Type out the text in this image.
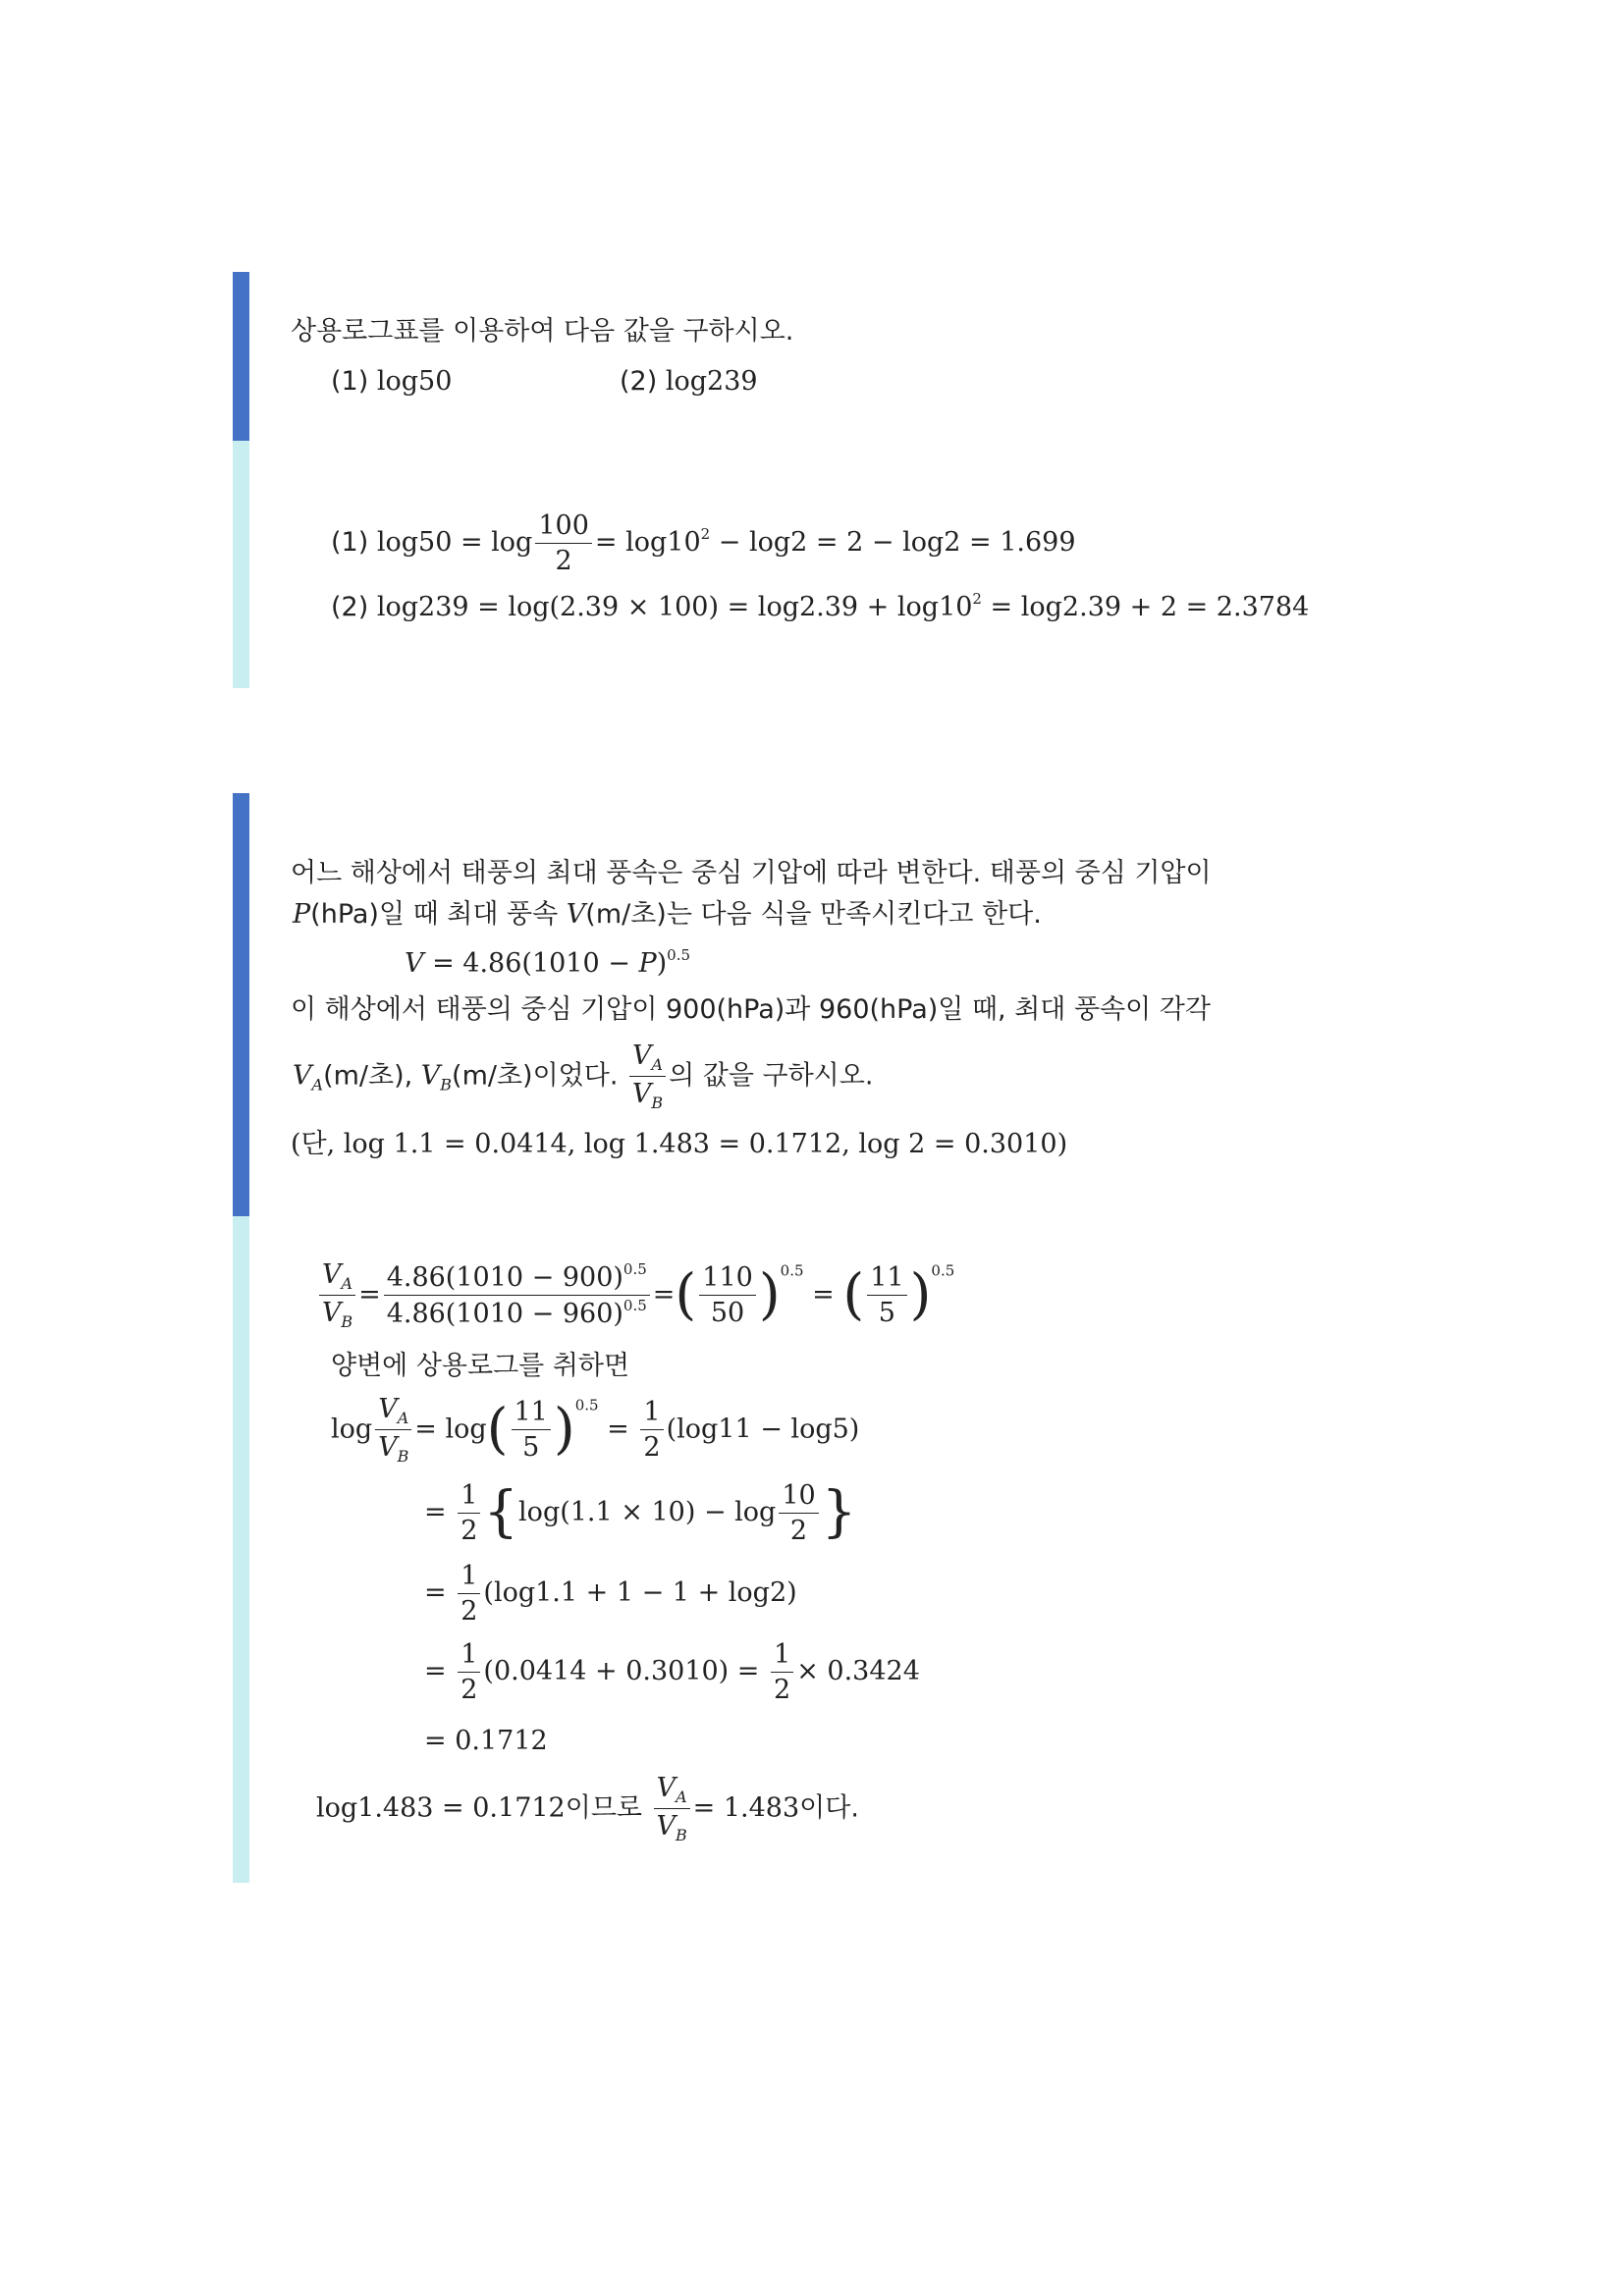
상용로그표를 이용하여 다음 값을 구하시오.
(1) log50	(2) log239
(1) $\log 50 = \log \frac{100}{2} = \log 10^2 - \log 2 = 2 - \log 2 = 1.699$
(2) $\log 239 = \log(2.39 \times 100) = \log 2.39 + \log 10^2 = \log 2.39 + 2 = 2.3784$
어느 해상에서 태풍의 최대 풍속은 중심 기압에 따라 변한다. 태풍의 중심 기압이
P(hPa)일 때 최대 풍속 V(m/초)는 다음 식을 만족시킨다고 한다.
$V = 4.86(1010 - P)^{0.5}$
이 해상에서 태풍의 중심 기압이 900(hPa)과 960(hPa)일 때, 최대 풍속이 각각
$V_A(m/$초), $V_B(m/$초)이었다. $\frac{V_A}{V_B}$ 의 값을 구하시오.
(단, log 1.1 = 0.0414, log 1.483 = 0.1712, log 2 = 0.3010)
$\frac{V_A}{V_B} = \frac{4.86(1010 - 900)^{0.5}}{4.86(1010 - 960)^{0.5}}$ =( $\frac{110}{50} )^{0.5}$ = ( $\frac{11}{5} )^{0.5}$
양변에 상용로그를 취하면
$\log \frac{V_A}{V_B} = \log( \frac{11}{5} )^{0.5} = \frac{1}{2} (\log 11 - \log 5)$
= $\frac{1}{2} \{\log(1.1 \times 10) - \log \frac{10}{2}$ }
= $\frac{1}{2} (\log 1.1 + 1 - 1 + \log 2)$
= $\frac{1}{2} (0.0414 + 0.3010) = \frac{1}{2} \times 0.3424$
= 0.1712
log1.483 = 0.1712이므로 $\frac{V_A}{V_B} = 1.483$이다.
